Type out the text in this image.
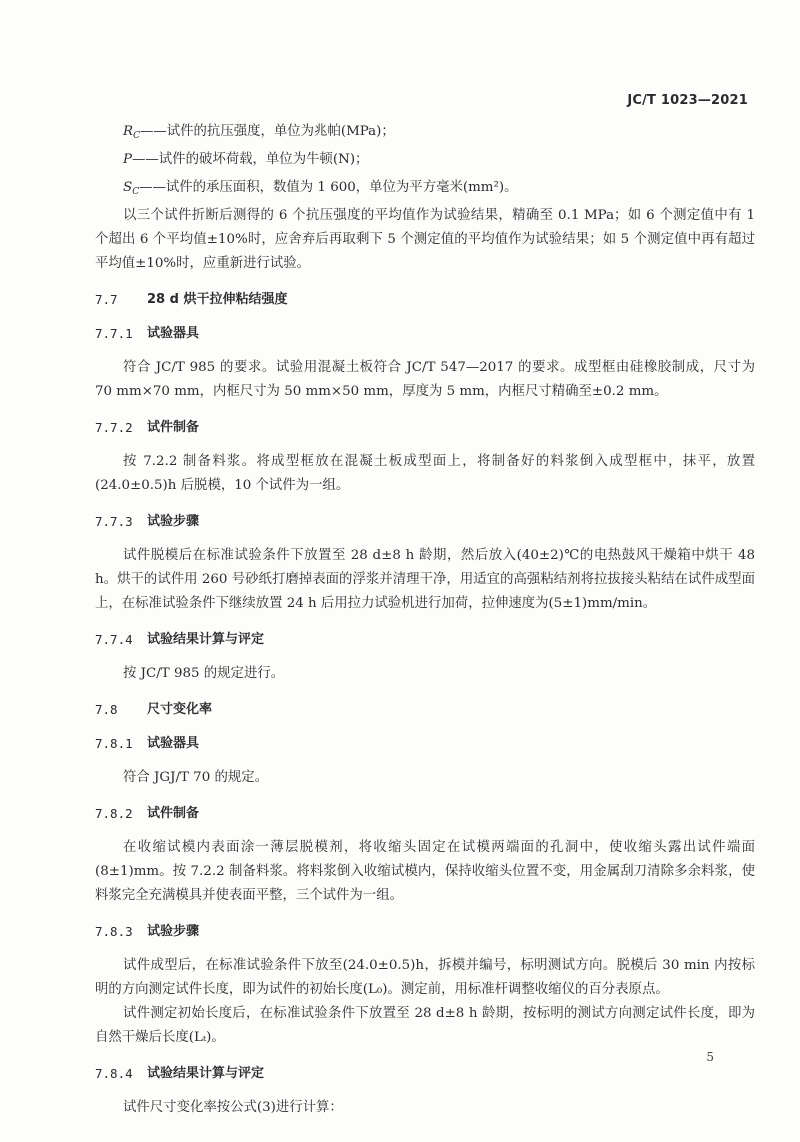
JC/T 1023—2021
$R_C——$试件的抗压强度，单位为兆帕(MPa)；
P——试件的破坏荷载，单位为牛顿(N)；
$S_C——$试件的承压面积，数值为 1 600，单位为平方毫米(mm²)。

以三个试件折断后测得的 6 个抗压强度的平均值作为试验结果，精确至 0.1 MPa；如 6 个测定值中有 1 个超出 6 个平均值±10%时，应舍弃后再取剩下 5 个测定值的平均值作为试验结果；如 5 个测定值中再有超过平均值±10%时，应重新进行试验。

7.7	28 d 烘干拉伸粘结强度
7.7.1	试验器具

符合 JC/T 985 的要求。试验用混凝土板符合 JC/T 547—2017 的要求。成型框由硅橡胶制成，尺寸为 70 mm×70 mm，内框尺寸为 50 mm×50 mm，厚度为 5 mm，内框尺寸精确至±0.2 mm。

7.7.2	试件制备

按 7.2.2 制备料浆。将成型框放在混凝土板成型面上，将制备好的料浆倒入成型框中，抹平，放置(24.0±0.5)h 后脱模，10 个试件为一组。

7.7.3	试验步骤

试件脱模后在标准试验条件下放置至 28 d±8 h 龄期，然后放入(40±2)℃的电热鼓风干燥箱中烘干 48 h。烘干的试件用 260 号砂纸打磨掉表面的浮浆并清理干净，用适宜的高强粘结剂将拉拔接头粘结在试件成型面上，在标准试验条件下继续放置 24 h 后用拉力试验机进行加荷，拉伸速度为(5±1)mm/min。

7.7.4	试验结果计算与评定

按 JC/T 985 的规定进行。

7.8	尺寸变化率
7.8.1	试验器具

符合 JGJ/T 70 的规定。

7.8.2	试件制备

在收缩试模内表面涂一薄层脱模剂，将收缩头固定在试模两端面的孔洞中，使收缩头露出试件端面(8±1)mm。按 7.2.2 制备料浆。将料浆倒入收缩试模内，保持收缩头位置不变，用金属刮刀清除多余料浆，使料浆完全充满模具并使表面平整，三个试件为一组。

7.8.3	试验步骤

试件成型后，在标准试验条件下放至(24.0±0.5)h，拆模并编号，标明测试方向。脱模后 30 min 内按标明的方向测定试件长度，即为试件的初始长度(L₀)。测定前，用标准杆调整收缩仪的百分表原点。

试件测定初始长度后，在标准试验条件下放置至 28 d±8 h 龄期，按标明的测试方向测定试件长度，即为自然干燥后长度(Lₜ)。

7.8.4	试验结果计算与评定

试件尺寸变化率按公式(3)进行计算：

5
